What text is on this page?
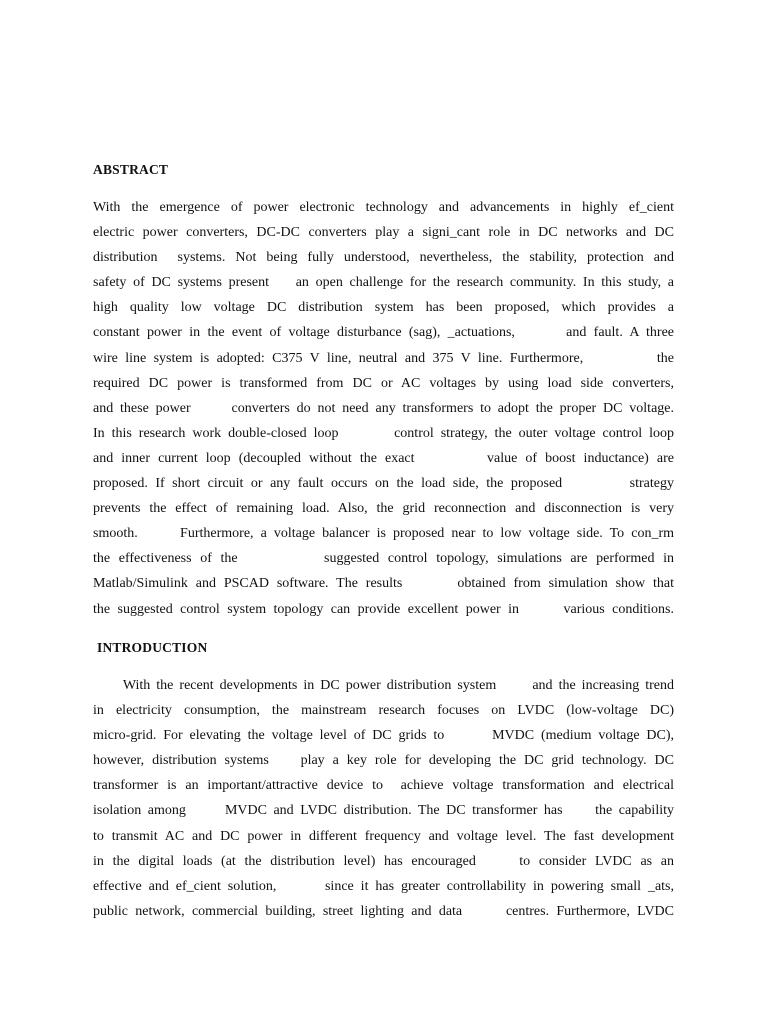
ABSTRACT
With the emergence of power electronic technology and advancements in highly ef_cient
electric power converters, DC-DC converters play a signi_cant role in DC networks and DC
distribution  systems. Not being fully understood, nevertheless, the stability, protection and
safety of DC systems present    an open challenge for the research community. In this study, a
high quality low voltage DC distribution system has been proposed, which provides a
constant power in the event of voltage disturbance (sag), _actuations,       and fault. A three
wire line system is adopted: C375 V line, neutral and 375 V line. Furthermore,          the
required DC power is transformed from DC or AC voltages by using load side converters,
and these power      converters do not need any transformers to adopt the proper DC voltage.
In this research work double-closed loop        control strategy, the outer voltage control loop
and inner current loop (decoupled without the exact         value of boost inductance) are
proposed. If short circuit or any fault occurs on the load side, the proposed         strategy
prevents the effect of remaining load. Also, the grid reconnection and disconnection is very
smooth.      Furthermore, a voltage balancer is proposed near to low voltage side. To con_rm
the effectiveness of the          suggested control topology, simulations are performed in
Matlab/Simulink and PSCAD software. The results       obtained from simulation show that
the suggested control system topology can provide excellent power in      various conditions.
INTRODUCTION
With the recent developments in DC power distribution system      and the increasing trend
in electricity consumption, the mainstream research focuses on LVDC (low-voltage DC)
micro-grid. For elevating the voltage level of DC grids to       MVDC (medium voltage DC),
however, distribution systems    play a key role for developing the DC grid technology. DC
transformer is an important/attractive device to  achieve voltage transformation and electrical
isolation among      MVDC and LVDC distribution. The DC transformer has     the capability
to transmit AC and DC power in different frequency and voltage level. The fast development
in the digital loads (at the distribution level) has encouraged     to consider LVDC as an
effective and ef_cient solution,       since it has greater controllability in powering small _ats,
public network, commercial building, street lighting and data      centres. Furthermore, LVDC
